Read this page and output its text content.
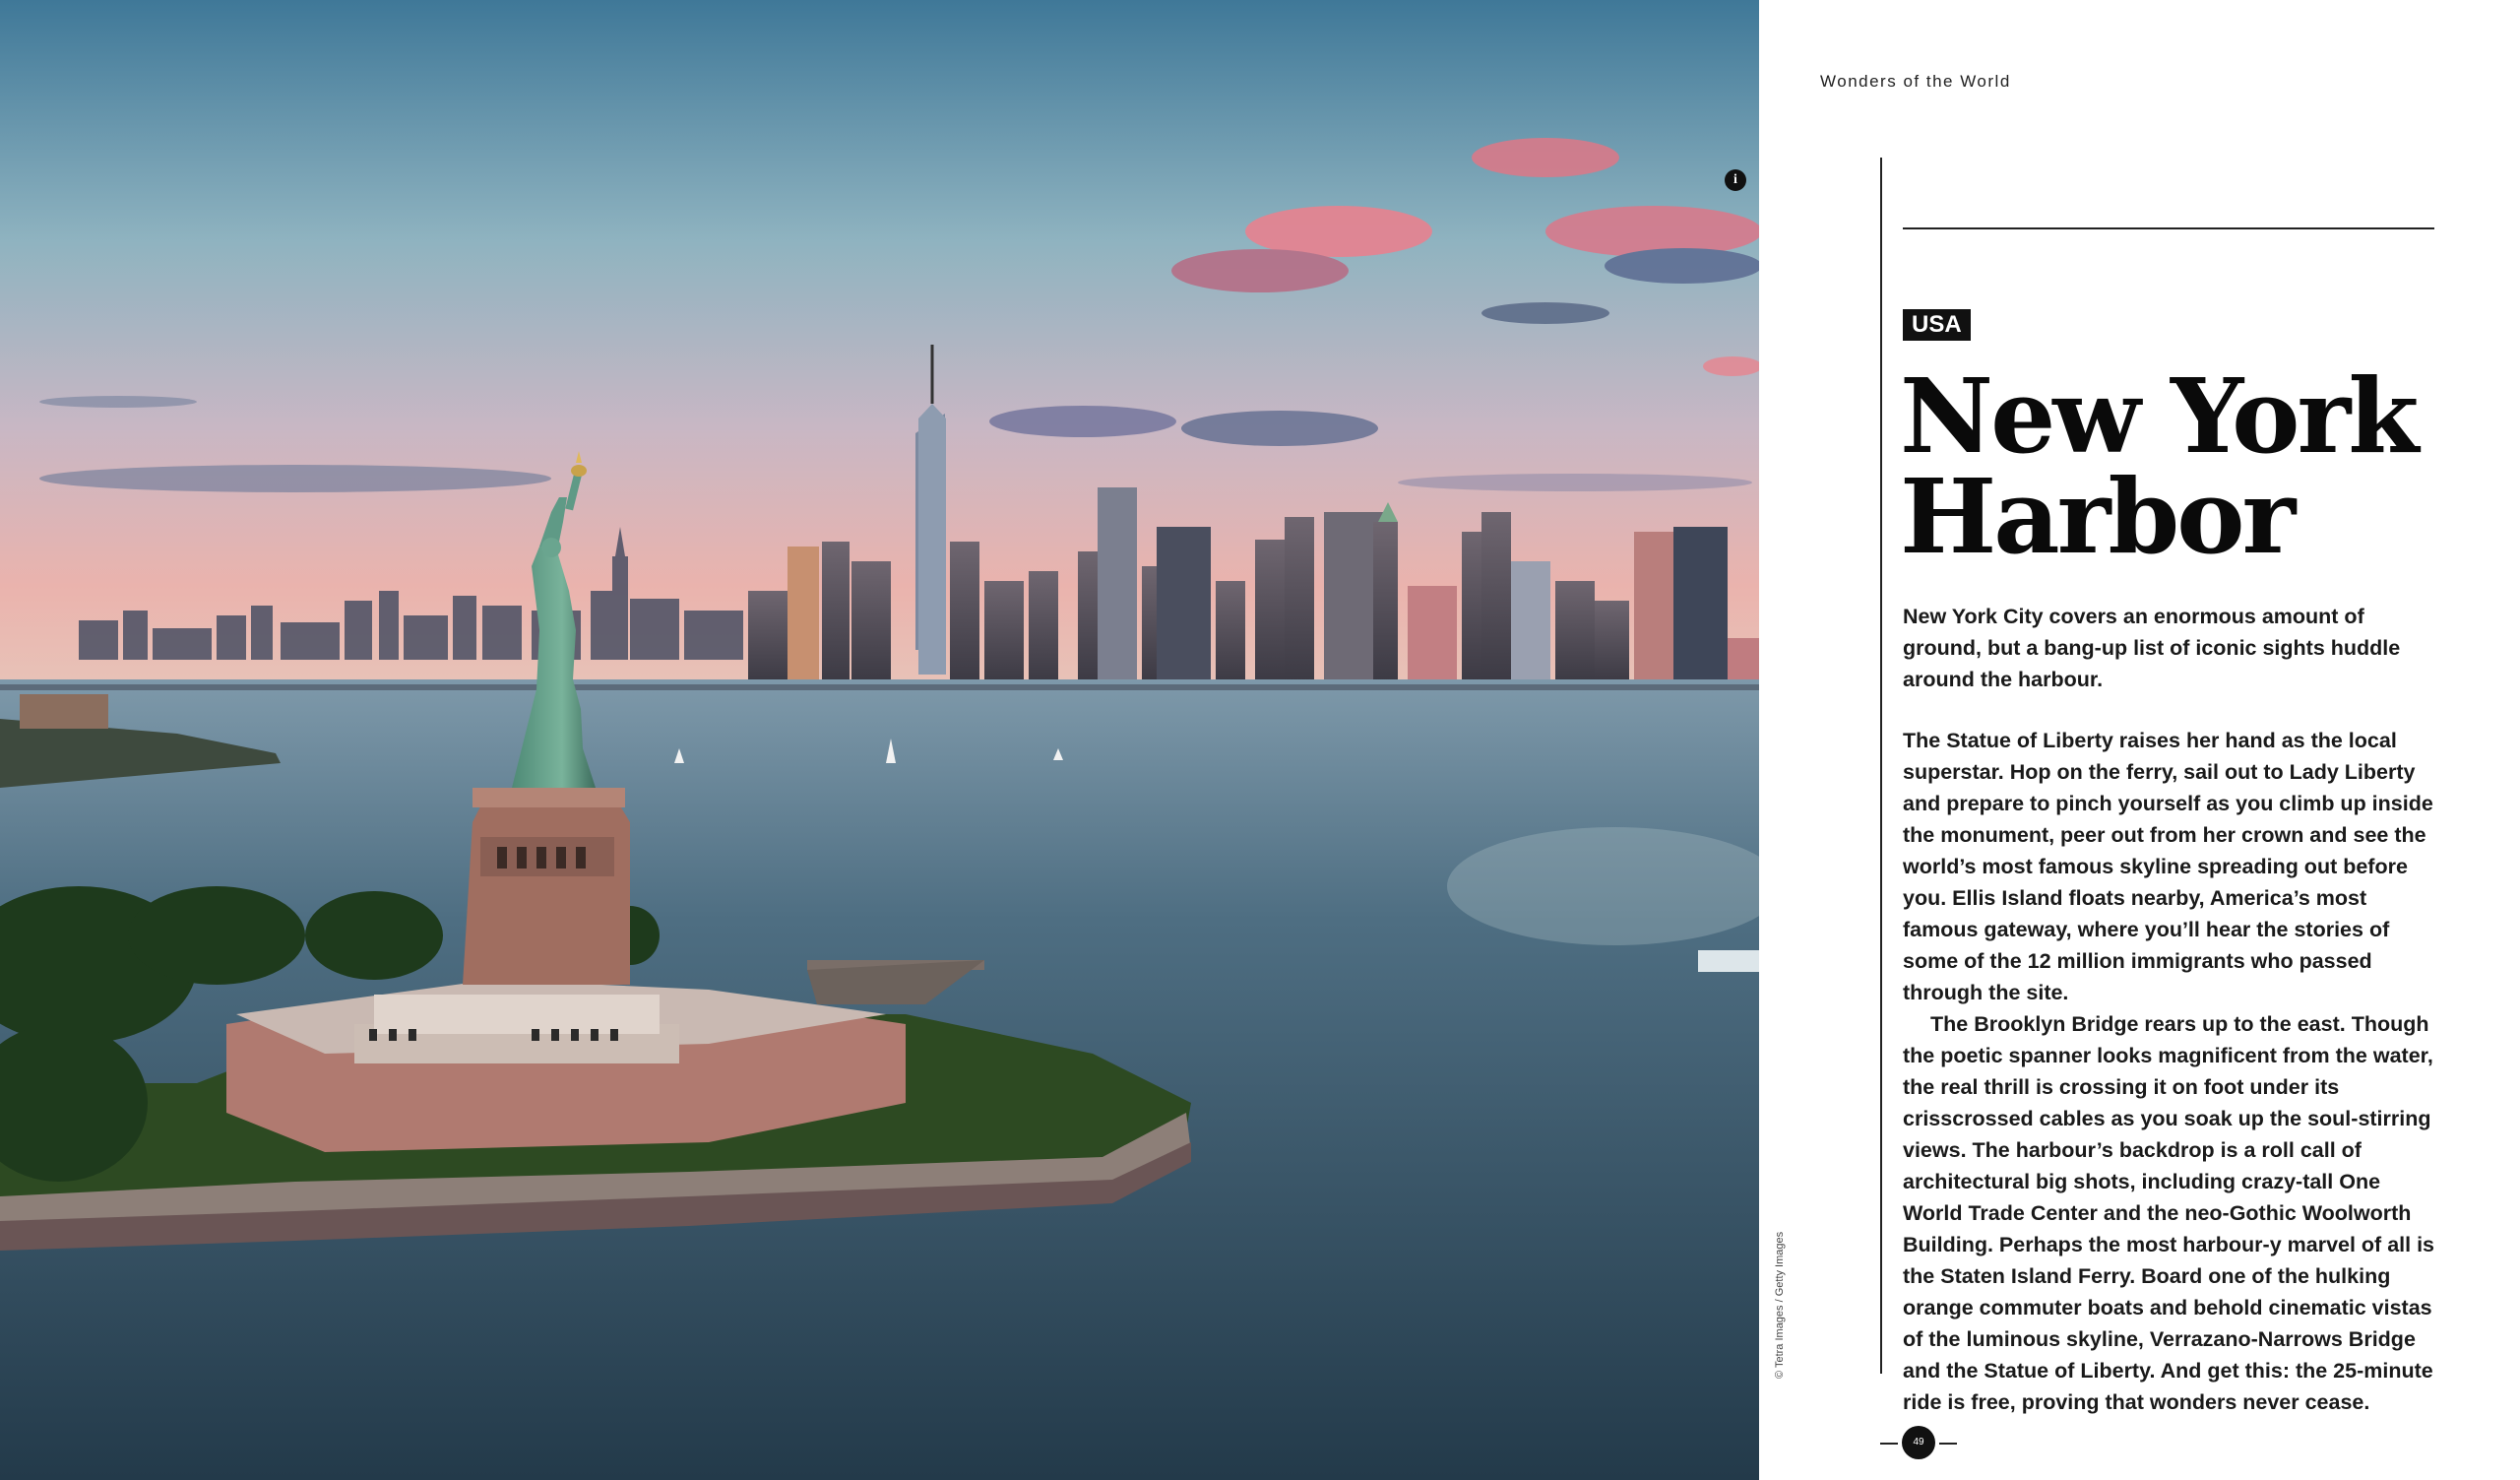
© Tetra Images / Getty Images
i
Wonders of the World
USA
New York
Harbor

New York City covers an enormous amount of ground, but a bang-up list of iconic sights huddle around the harbour.

The Statue of Liberty raises her hand as the local superstar. Hop on the ferry, sail out to Lady Liberty and prepare to pinch yourself as you climb up inside the monument, peer out from her crown and see the world’s most famous skyline spreading out before you. Ellis Island floats nearby, America’s most famous gateway, where you’ll hear the stories of some of the 12 million immigrants who passed through the site.

The Brooklyn Bridge rears up to the east. Though the poetic spanner looks magnificent from the water, the real thrill is crossing it on foot under its crisscrossed cables as you soak up the soul-stirring views. The harbour’s backdrop is a roll call of architectural big shots, including crazy-tall One World Trade Center and the neo-Gothic Woolworth Building. Perhaps the most harbour-y marvel of all is the Staten Island Ferry. Board one of the hulking orange commuter boats and behold cinematic vistas of the luminous skyline, Verrazano-Narrows Bridge and the Statue of Liberty. And get this: the 25-minute ride is free, proving that wonders never cease.

49
